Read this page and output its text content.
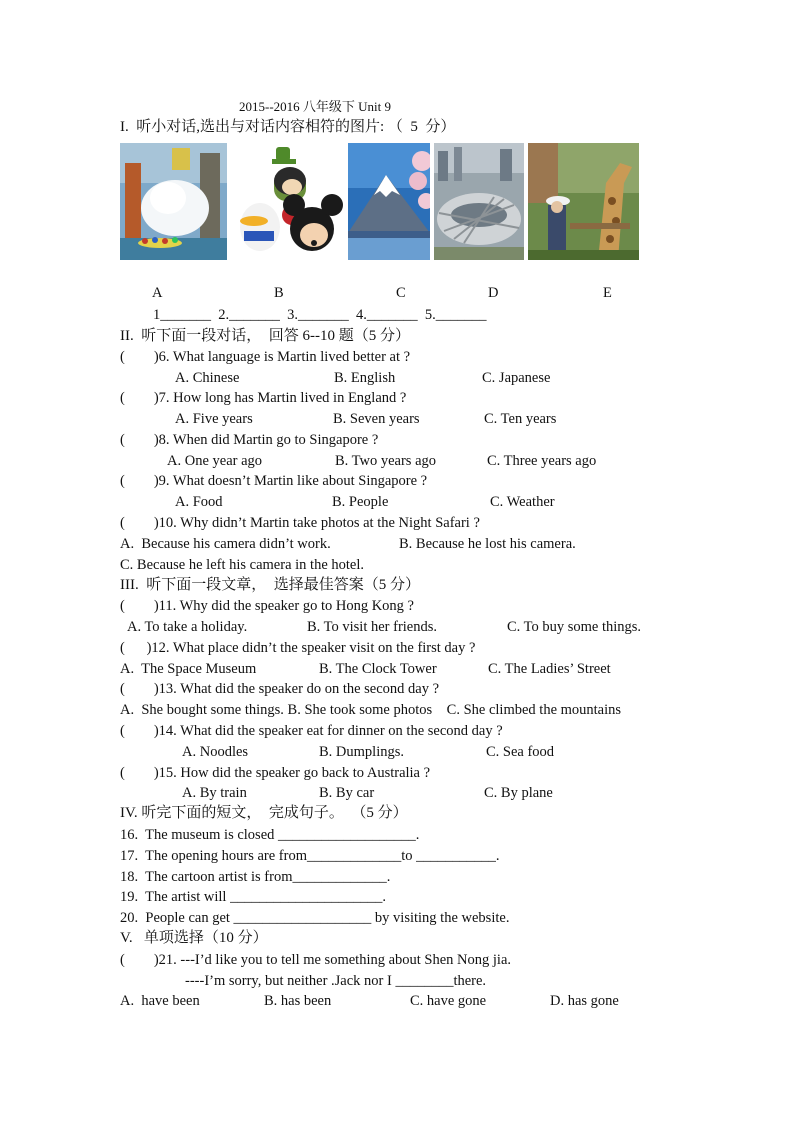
2015--2016 八年级下 Unit 9
I.  听小对话,选出与对话内容相符的图片: （  5  分）
A	B	C	D	E
1_______  2._______  3._______  4._______  5._______
II.  听下面一段对话，  回答 6--10 题（5 分）
(        )6. What language is Martin lived better at ?
A. Chinese	B. English	C. Japanese
(        )7. How long has Martin lived in England ?
A. Five years	B. Seven years	C. Ten years
(        )8. When did Martin go to Singapore ?
A. One year ago	B. Two years ago	C. Three years ago
(        )9. What doesn’t Martin like about Singapore ?
A. Food	B. People	C. Weather
(        )10. Why didn’t Martin take photos at the Night Safari ?
A.  Because his camera didn’t work.	B. Because he lost his camera.
C. Because he left his camera in the hotel.
III.  听下面一段文章，  选择最佳答案（5 分）
(        )11. Why did the speaker go to Hong Kong ?
A. To take a holiday.	B. To visit her friends.	C. To buy some things.
(      )12. What place didn’t the speaker visit on the first day ?
A.  The Space Museum	B. The Clock Tower	C. The Ladies’ Street
(        )13. What did the speaker do on the second day ?
A.  She bought some things. B. She took some photos    C. She climbed the mountains
(        )14. What did the speaker eat for dinner on the second day ?
A. Noodles	B. Dumplings.	C. Sea food
(        )15. How did the speaker go back to Australia ?
A. By train	B. By car	C. By plane
IV. 听完下面的短文，  完成句子。  （5 分）
16.  The museum is closed ___________________.
17.  The opening hours are from_____________to ___________.
18.  The cartoon artist is from_____________.
19.  The artist will _____________________.
20.  People can get ___________________ by visiting the website.
V.   单项选择（10 分）
(        )21. ---I’d like you to tell me something about Shen Nong jia.
----I’m sorry, but neither .Jack nor I ________there.
A.  have been	B. has been	C. have gone	D. has gone
